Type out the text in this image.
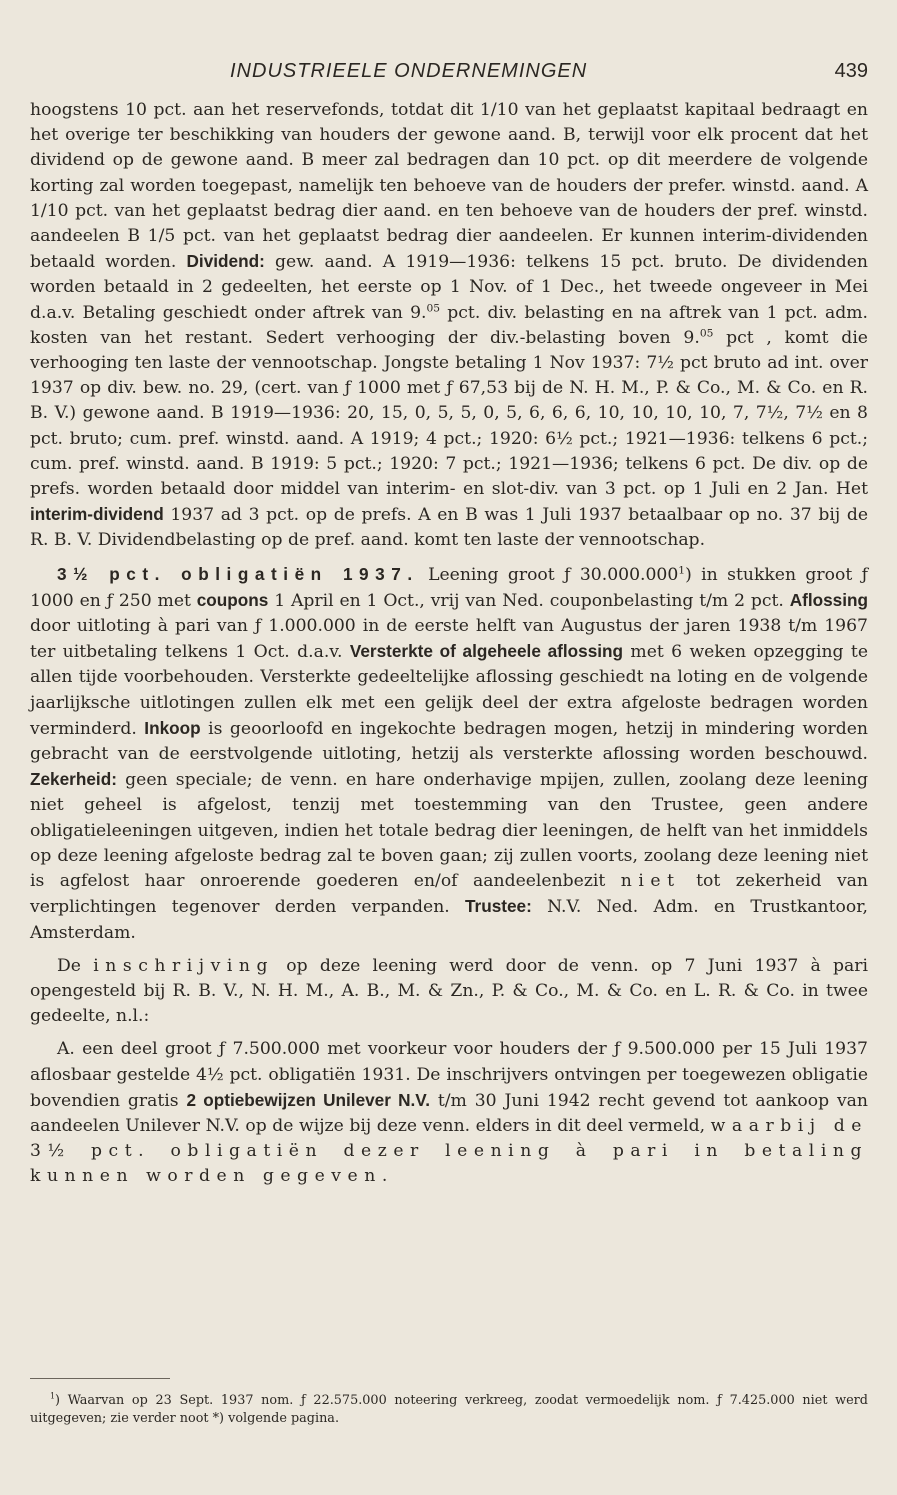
INDUSTRIEELE ONDERNEMINGEN	439

hoogstens 10 pct. aan het reservefonds, totdat dit 1/10 van het geplaatst kapitaal bedraagt en het overige ter beschikking van houders der gewone aand. B, terwijl voor elk procent dat het dividend op de gewone aand. B meer zal bedragen dan 10 pct. op dit meerdere de volgende korting zal worden toegepast, namelijk ten behoeve van de houders der prefer. winstd. aand. A 1/10 pct. van het geplaatst bedrag dier aand. en ten behoeve van de houders der pref. winstd. aandeelen B 1/5 pct. van het geplaatst bedrag dier aandeelen. Er kunnen interim-dividenden betaald worden. Dividend: gew. aand. A 1919—1936: telkens 15 pct. bruto. De dividenden worden betaald in 2 gedeelten, het eerste op 1 Nov. of 1 Dec., het tweede ongeveer in Mei d.a.v. Betaling geschiedt onder aftrek van 9.05 pct. div. belasting en na aftrek van 1 pct. adm. kosten van het restant. Sedert verhooging der div.-belasting boven 9.05 pct , komt die verhooging ten laste der vennootschap. Jongste betaling 1 Nov 1937: 7½ pct bruto ad int. over 1937 op div. bew. no. 29, (cert. van ƒ 1000 met ƒ 67,53 bij de N. H. M., P. & Co., M. & Co. en R. B. V.) gewone aand. B 1919—1936: 20, 15, 0, 5, 5, 0, 5, 6, 6, 6, 10, 10, 10, 10, 7, 7½, 7½ en 8 pct. bruto; cum. pref. winstd. aand. A 1919; 4 pct.; 1920: 6½ pct.; 1921—1936: telkens 6 pct.; cum. pref. winstd. aand. B 1919: 5 pct.; 1920: 7 pct.; 1921—1936; telkens 6 pct. De div. op de prefs. worden betaald door middel van interim- en slot-div. van 3 pct. op 1 Juli en 2 Jan. Het interim-dividend 1937 ad 3 pct. op de prefs. A en B was 1 Juli 1937 betaalbaar op no. 37 bij de R. B. V. Dividendbelasting op de pref. aand. komt ten laste der vennootschap.

3½ pct. obligatiën 1937. Leening groot ƒ 30.000.000$^1$) in stukken groot ƒ 1000 en ƒ 250 met coupons 1 April en 1 Oct., vrij van Ned. couponbelasting t/m 2 pct. Aflossing door uitloting à pari van ƒ 1.000.000 in de eerste helft van Augustus der jaren 1938 t/m 1967 ter uitbetaling telkens 1 Oct. d.a.v. Versterkte of algeheele aflossing met 6 weken opzegging te allen tijde voorbehouden. Versterkte gedeeltelijke aflossing geschiedt na loting en de volgende jaarlijksche uitlotingen zullen elk met een gelijk deel der extra afgeloste bedragen worden verminderd. Inkoop is geoorloofd en ingekochte bedragen mogen, hetzij in mindering worden gebracht van de eerstvolgende uitloting, hetzij als versterkte aflossing worden beschouwd. Zekerheid: geen speciale; de venn. en hare onderhavige mpijen, zullen, zoolang deze leening niet geheel is afgelost, tenzij met toestemming van den Trustee, geen andere obligatieleeningen uitgeven, indien het totale bedrag dier leeningen, de helft van het inmiddels op deze leening afgeloste bedrag zal te boven gaan; zij zullen voorts, zoolang deze leening niet is agfelost haar onroerende goederen en/of aandeelenbezit niet tot zekerheid van verplichtingen tegenover derden verpanden. Trustee: N.V. Ned. Adm. en Trustkantoor, Amsterdam.

De inschrijving op deze leening werd door de venn. op 7 Juni 1937 à pari opengesteld bij R. B. V., N. H. M., A. B., M. & Zn., P. & Co., M. & Co. en L. R. & Co. in twee gedeelte, n.l.:

A. een deel groot ƒ 7.500.000 met voorkeur voor houders der ƒ 9.500.000 per 15 Juli 1937 aflosbaar gestelde 4½ pct. obligatiën 1931. De inschrijvers ontvingen per toegewezen obligatie bovendien gratis 2 optiebewijzen Unilever N.V. t/m 30 Juni 1942 recht gevend tot aankoop van aandeelen Unilever N.V. op de wijze bij deze venn. elders in dit deel vermeld, waarbij de 3½ pct. obligatiën dezer leening à pari in betaling kunnen worden gegeven.

$^1$) Waarvan op 23 Sept. 1937 nom. ƒ 22.575.000 noteering verkreeg, zoodat vermoedelijk nom. ƒ 7.425.000 niet werd uitgegeven; zie verder noot *) volgende pagina.
